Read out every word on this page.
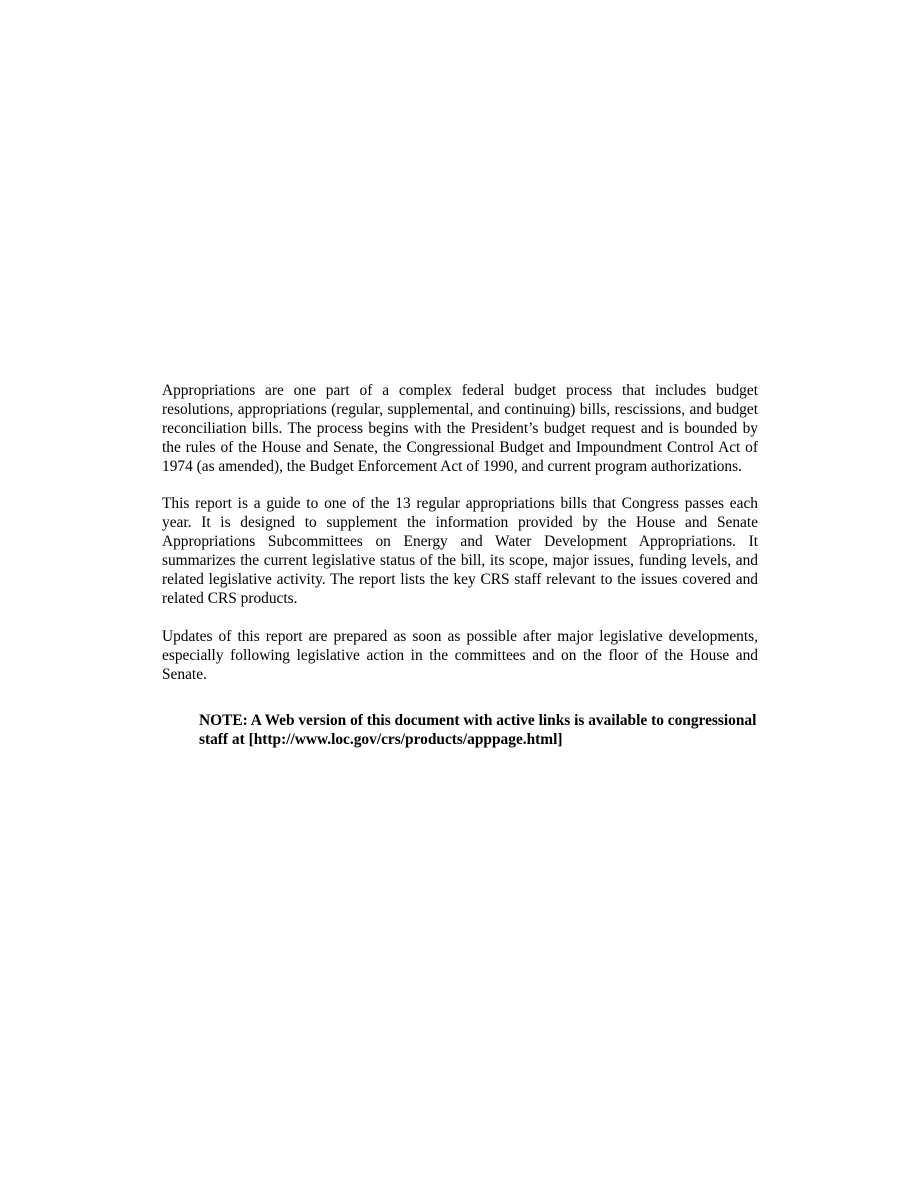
Appropriations are one part of a complex federal budget process that includes budget resolutions, appropriations (regular, supplemental, and continuing) bills, rescissions, and budget reconciliation bills. The process begins with the President’s budget request and is bounded by the rules of the House and Senate, the Congressional Budget and Impoundment Control Act of 1974 (as amended), the Budget Enforcement Act of 1990, and current program authorizations.

This report is a guide to one of the 13 regular appropriations bills that Congress passes each year. It is designed to supplement the information provided by the House and Senate Appropriations Subcommittees on Energy and Water Development Appropriations. It summarizes the current legislative status of the bill, its scope, major issues, funding levels, and related legislative activity. The report lists the key CRS staff relevant to the issues covered and related CRS products.

Updates of this report are prepared as soon as possible after major legislative developments, especially following legislative action in the committees and on the floor of the House and Senate.

NOTE: A Web version of this document with active links is available to congressional staff at [http://www.loc.gov/crs/products/apppage.html]
